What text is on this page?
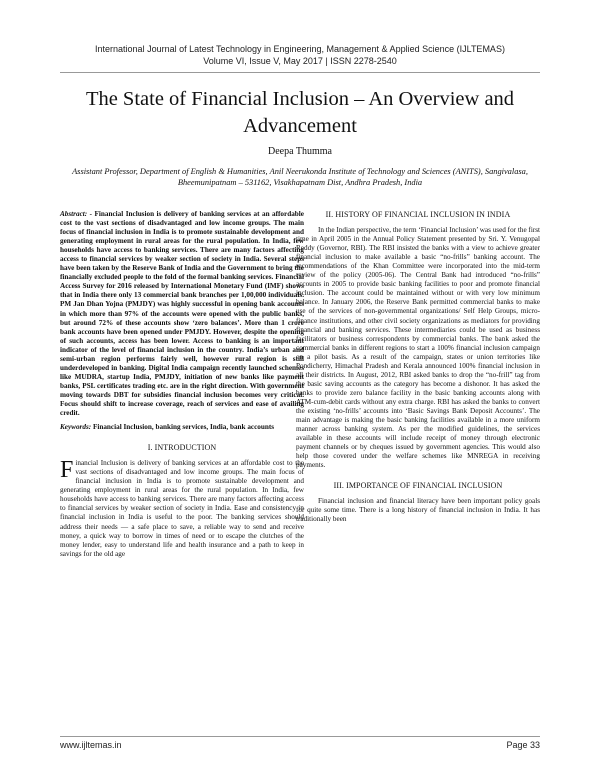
International Journal of Latest Technology in Engineering, Management & Applied Science (IJLTEMAS)
Volume VI, Issue V, May 2017 | ISSN 2278-2540
The State of Financial Inclusion – An Overview and Advancement
Deepa Thumma
Assistant Professor, Department of English & Humanities, Anil Neerukonda Institute of Technology and Sciences (ANITS), Sangivalasa, Bheemunipatnam – 531162, Visakhapatnam Dist, Andhra Pradesh, India

Abstract: - Financial Inclusion is delivery of banking services at an affordable cost to the vast sections of disadvantaged and low income groups. The main focus of financial inclusion in India is to promote sustainable development and generating employment in rural areas for the rural population. In India, few households have access to banking services. There are many factors affecting access to financial services by weaker section of society in India. Several steps have been taken by the Reserve Bank of India and the Government to bring the financially excluded people to the fold of the formal banking services. Financial Access Survey for 2016 released by International Monetary Fund (IMF) shows that in India there only 13 commercial bank branches per 1,00,000 individuals. PM Jan Dhan Yojna (PMJDY) was highly successful in opening bank accounts in which more than 97% of the accounts were opened with the public banks, but around 72% of these accounts show ‘zero balances’. More than 1 crore bank accounts have been opened under PMJDY. However, despite the opening of such accounts, access has been lower. Access to banking is an important indicator of the level of financial inclusion in the country. India’s urban and semi-urban region performs fairly well, however rural region is still underdeveloped in banking. Digital India campaign recently launched schemes like MUDRA, startup India, PMJDY, initiation of new banks like payment banks, PSL certificates trading etc. are in the right direction. With government moving towards DBT for subsidies financial inclusion becomes very critical. Focus should shift to increase coverage, reach of services and ease of availing credit.

Keywords: Financial Inclusion, banking services, India, bank accounts

I. INTRODUCTION

Financial Inclusion is delivery of banking services at an affordable cost to the vast sections of disadvantaged and low income groups. The main focus of financial inclusion in India is to promote sustainable development and generating employment in rural areas for the rural population. In India, few households have access to banking services. There are many factors affecting access to financial services by weaker section of society in India. Ease and consistency in financial inclusion in India is useful to the poor. The banking services should address their needs — a safe place to save, a reliable way to send and receive money, a quick way to borrow in times of need or to escape the clutches of the money lender, easy to understand life and health insurance and a path to keep in savings for the old age

II. HISTORY OF FINANCIAL INCLUSION IN INDIA

In the Indian perspective, the term ‘Financial Inclusion’ was used for the first time in April 2005 in the Annual Policy Statement presented by Sri. Y. Venugopal Reddy (Governor, RBI). The RBI insisted the banks with a view to achieve greater financial inclusion to make available a basic “no-frills” banking account. The recommendations of the Khan Committee were incorporated into the mid-term review of the policy (2005-06). The Central Bank had introduced “no-frills” accounts in 2005 to provide basic banking facilities to poor and promote financial inclusion. The account could be maintained without or with very low minimum balance. In January 2006, the Reserve Bank permitted commercial banks to make use of the services of non-governmental organizations/ Self Help Groups, micro-finance institutions, and other civil society organizations as mediators for providing financial and banking services. These intermediaries could be used as business facilitators or business correspondents by commercial banks. The bank asked the commercial banks in different regions to start a 100% financial inclusion campaign on a pilot basis. As a result of the campaign, states or union territories like Pondicherry, Himachal Pradesh and Kerala announced 100% financial inclusion in all their districts. In August, 2012, RBI asked banks to drop the “no-frill” tag from the basic saving accounts as the category has become a dishonor. It has asked the banks to provide zero balance facility in the basic banking accounts along with ATM-cum-debit cards without any extra charge. RBI has asked the banks to convert the existing ‘no-frills’ accounts into ‘Basic Savings Bank Deposit Accounts’. The main advantage is making the basic banking facilities available in a more uniform manner across banking system. As per the modified guidelines, the services available in these accounts will include receipt of money through electronic payment channels or by cheques issued by government agencies. This would also help those covered under the welfare schemes like MNREGA in receiving payments.

III. IMPORTANCE OF FINANCIAL INCLUSION

Financial inclusion and financial literacy have been important policy goals for quite some time. There is a long history of financial inclusion in India. It has traditionally been

www.ijltemas.in	Page 33
